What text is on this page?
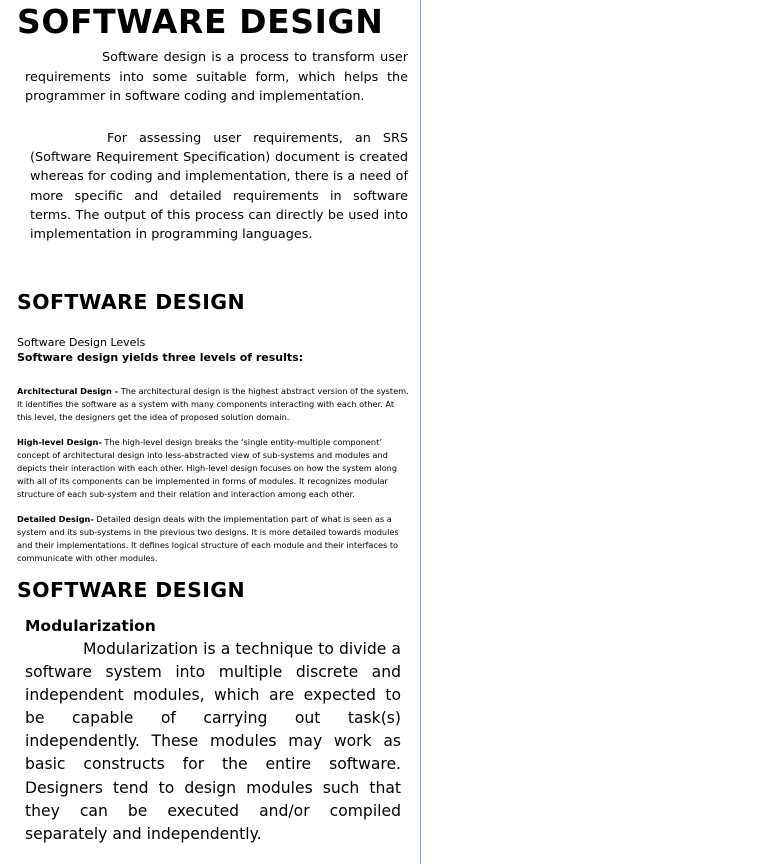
SOFTWARE DESIGN

Software design is a process to transform user requirements into some suitable form, which helps the programmer in software coding and implementation.

For assessing user requirements, an SRS (Software Requirement Specification) document is created whereas for coding and implementation, there is a need of more specific and detailed requirements in software terms. The output of this process can directly be used into implementation in programming languages.

SOFTWARE DESIGN

Software Design Levels

Software design yields three levels of results:

Architectural Design - The architectural design is the highest abstract version of the system. It identifies the software as a system with many components interacting with each other. At this level, the designers get the idea of proposed solution domain.

High-level Design- The high-level design breaks the ‘single entity-multiple component’ concept of architectural design into less-abstracted view of sub-systems and modules and depicts their interaction with each other. High-level design focuses on how the system along with all of its components can be implemented in forms of modules. It recognizes modular structure of each sub-system and their relation and interaction among each other.

Detailed Design- Detailed design deals with the implementation part of what is seen as a system and its sub-systems in the previous two designs. It is more detailed towards modules and their implementations. It defines logical structure of each module and their interfaces to communicate with other modules.

SOFTWARE DESIGN

Modularization

Modularization is a technique to divide a software system into multiple discrete and independent modules, which are expected to be capable of carrying out task(s) independently. These modules may work as basic constructs for the entire software. Designers tend to design modules such that they can be executed and/or compiled separately and independently.
